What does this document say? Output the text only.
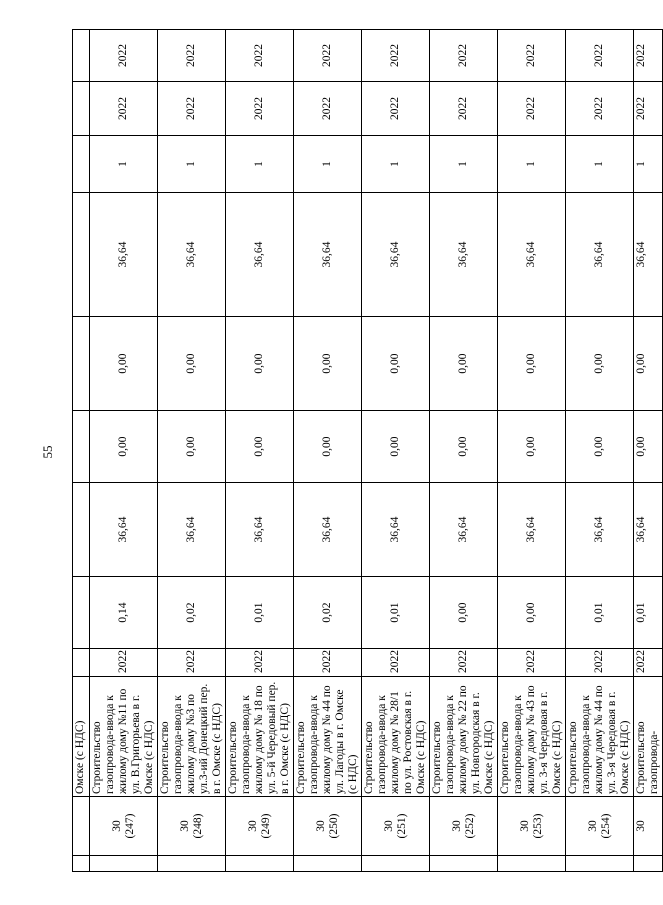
55
		Омске (с НДС)									

	30 (247)	Строительство газопровода-ввода к жилому дому №11 по ул. В.Григорьева в г. Омске (с НДС)	2022	0,14	36,64	0,00	0,00	36,64	1	2022	2022

	30 (248)	Строительство газопровода-ввода к жилому дому №3 по ул.3-ий Донецкий пер. в г. Омске (с НДС)	2022	0,02	36,64	0,00	0,00	36,64	1	2022	2022

	30 (249)	Строительство газопровода-ввода к жилому дому № 18 по ул. 5-й Чередовый пер. в г. Омске (с НДС)	2022	0,01	36,64	0,00	0,00	36,64	1	2022	2022

	30 (250)	Строительство газопровода-ввода к жилому дому № 44 по ул. Лагоды в г. Омске (с НДС)	2022	0,02	36,64	0,00	0,00	36,64	1	2022	2022

	30 (251)	Строительство газопровода-ввода к жилому дому № 28/1 по ул. Ростовская в г. Омске (с НДС)	2022	0,01	36,64	0,00	0,00	36,64	1	2022	2022

	30 (252)	Строительство газопровода-ввода к жилому дому № 22 по ул. Новгородская в г. Омске (с НДС)	2022	0,00	36,64	0,00	0,00	36,64	1	2022	2022

	30 (253)	Строительство газопровода-ввода к жилому дому № 43 по ул. 3-я Чередовая в г. Омске (с НДС)	2022	0,00	36,64	0,00	0,00	36,64	1	2022	2022

	30 (254)	Строительство газопровода-ввода к жилому дому № 44 по ул. 3-я Чередовая в г. Омске (с НДС)	2022	0,01	36,64	0,00	0,00	36,64	1	2022	2022
	30	Строительство газопровода-	2022	0,01	36,64	0,00	0,00	36,64	1	2022	2022
